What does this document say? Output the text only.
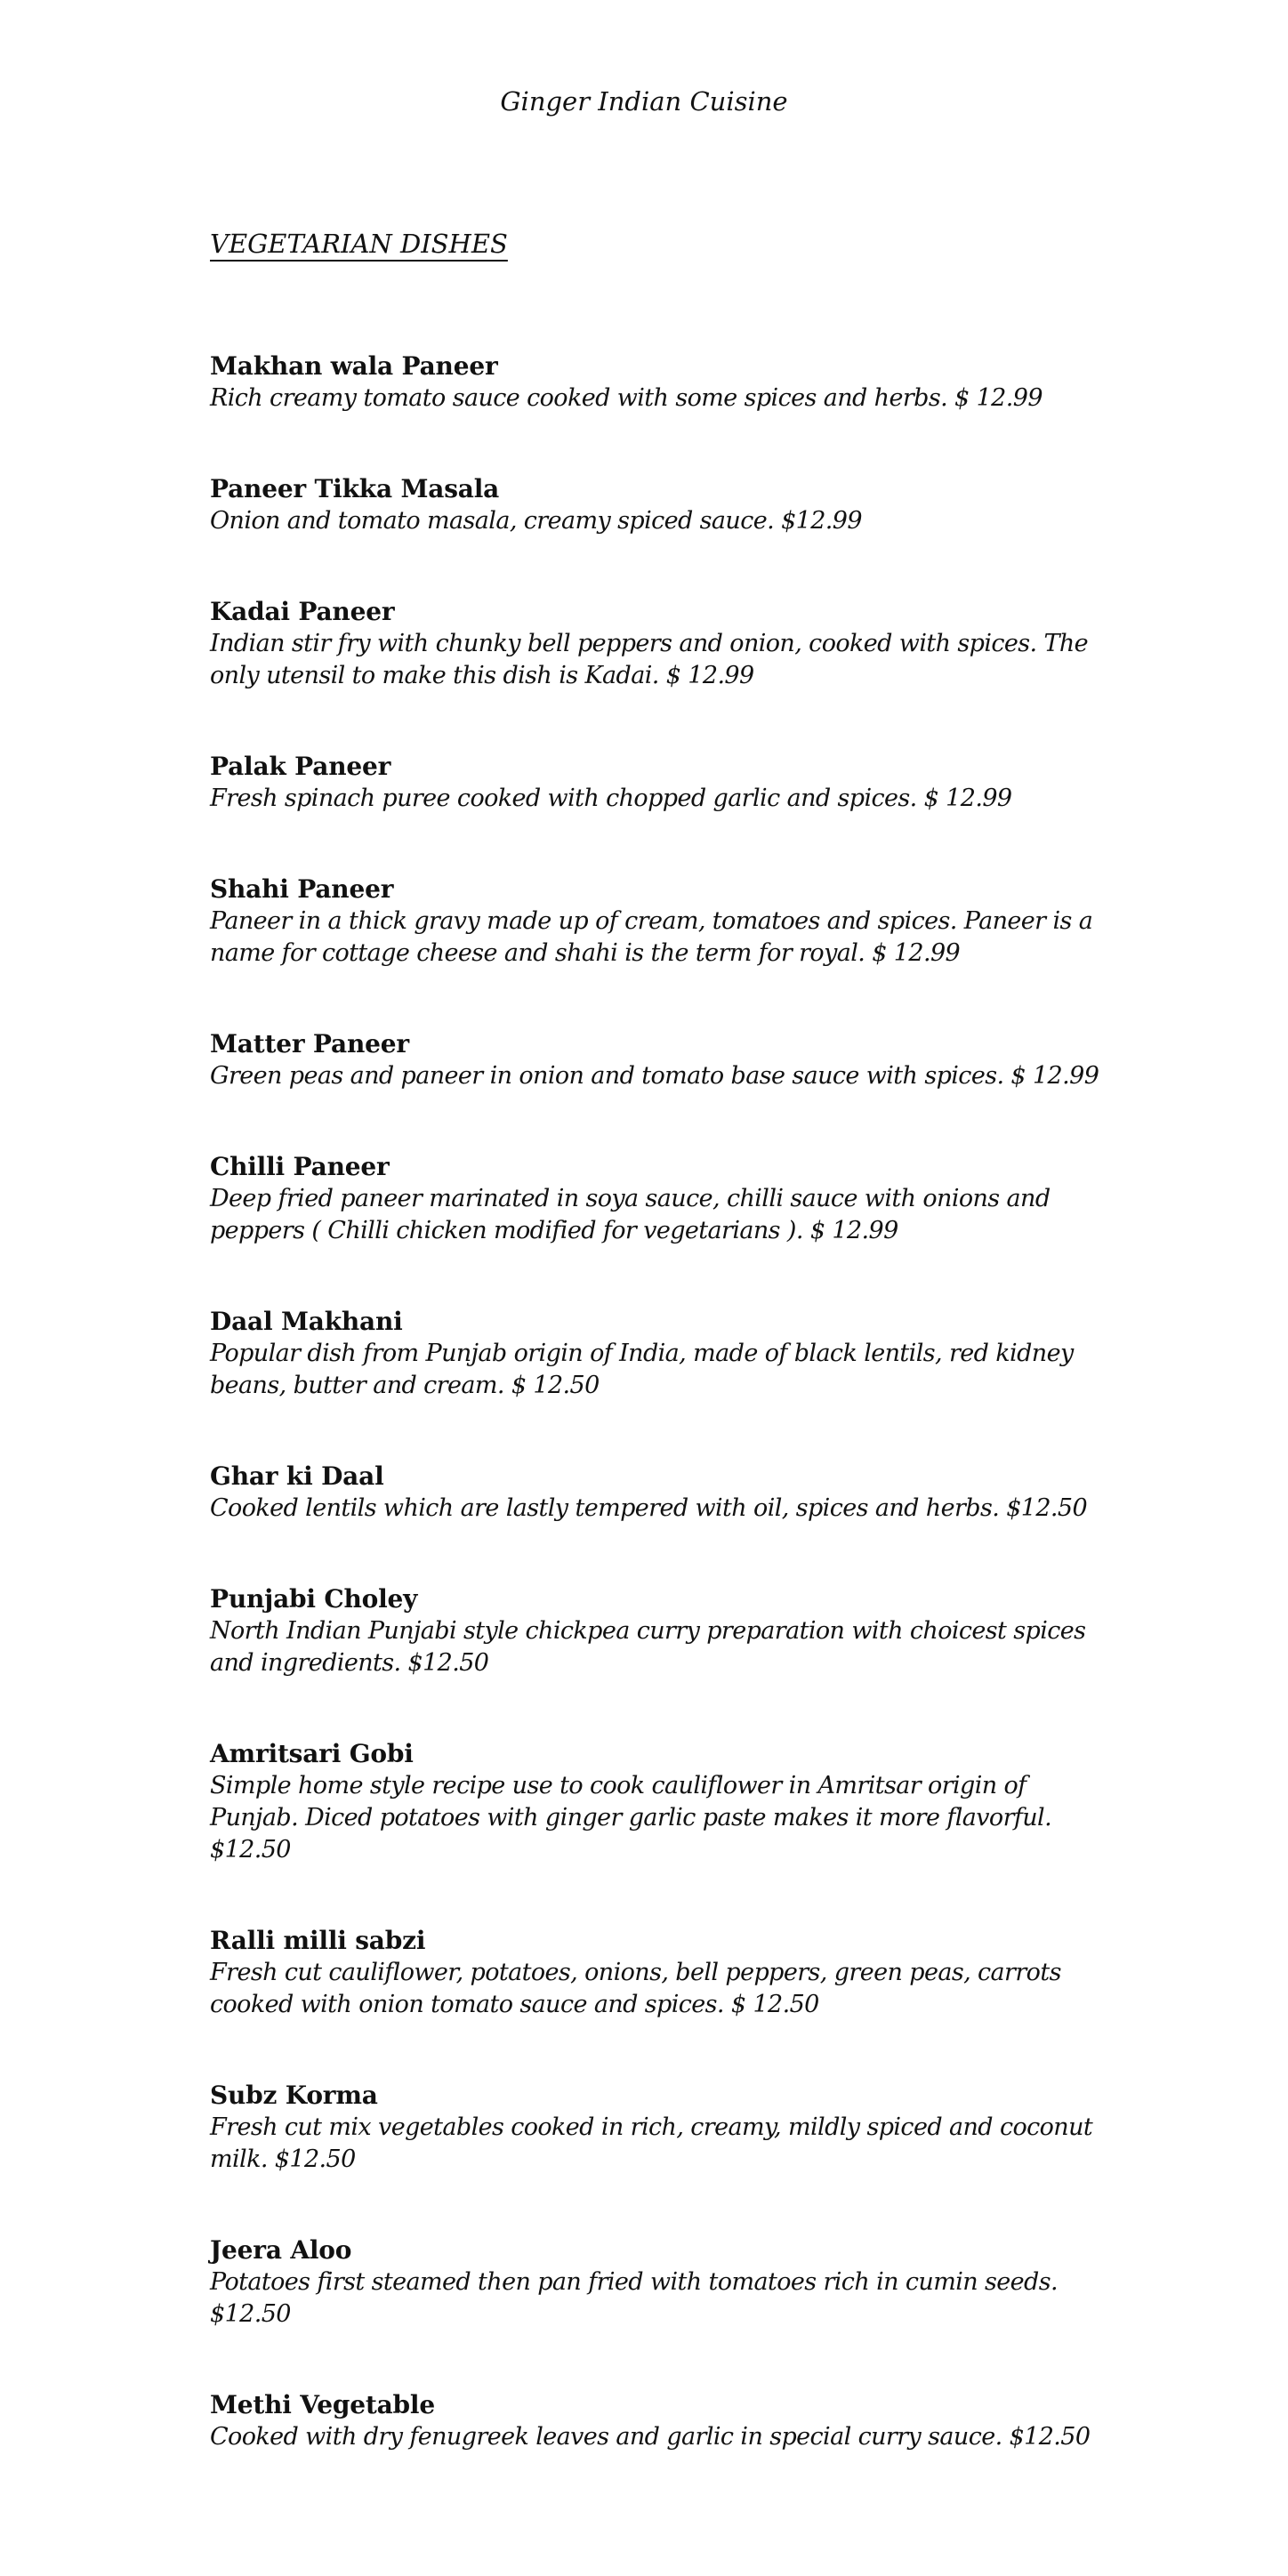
Ginger Indian Cuisine
VEGETARIAN DISHES
Makhan wala Paneer
Rich creamy tomato sauce cooked with some spices and herbs. $ 12.99
Paneer Tikka Masala
Onion and tomato masala, creamy spiced sauce. $12.99
Kadai Paneer
Indian stir fry with chunky bell peppers and onion, cooked with spices. The only utensil to make this dish is Kadai. $ 12.99
Palak Paneer
Fresh spinach puree cooked with chopped garlic and spices. $ 12.99
Shahi Paneer
Paneer in a thick gravy made up of cream, tomatoes and spices. Paneer is a name for cottage cheese and shahi is the term for royal. $ 12.99
Matter Paneer
Green peas and paneer in onion and tomato base sauce with spices. $ 12.99
Chilli Paneer
Deep fried paneer marinated in soya sauce, chilli sauce with onions and peppers ( Chilli chicken modified for vegetarians ). $ 12.99
Daal Makhani
Popular dish from Punjab origin of India, made of black lentils, red kidney beans, butter and cream. $ 12.50
Ghar ki Daal
Cooked lentils which are lastly tempered with oil, spices and herbs. $12.50
Punjabi Choley
North Indian Punjabi style chickpea curry preparation with choicest spices and ingredients. $12.50
Amritsari Gobi
Simple home style recipe use to cook cauliflower in Amritsar origin of Punjab. Diced potatoes with ginger garlic paste makes it more flavorful. $12.50
Ralli milli sabzi
Fresh cut cauliflower, potatoes, onions, bell peppers, green peas, carrots cooked with onion tomato sauce and spices. $ 12.50
Subz Korma
Fresh cut mix vegetables cooked in rich, creamy, mildly spiced and coconut milk. $12.50
Jeera Aloo
Potatoes first steamed then pan fried with tomatoes rich in cumin seeds. $12.50
Methi Vegetable
Cooked with dry fenugreek leaves and garlic in special curry sauce. $12.50
